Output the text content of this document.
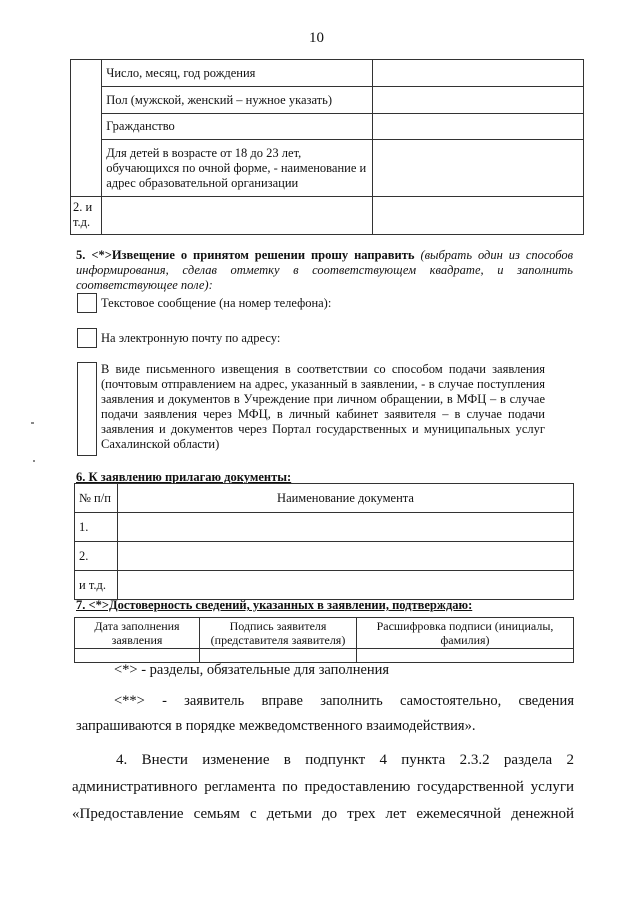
10
	Число, месяц, год рождения	
	Пол (мужской, женский – нужное указать)	
	Гражданство	
	Для детей в возрасте от 18 до 23 лет, обучающихся по очной форме, - наименование и адрес образовательной организации	
2. и т.д.		
5. <*>Извещение о принятом решении прошу направить (выбрать один из способов информирования, сделав отметку в соответствующем квадрате, и заполнить соответствующее поле):
Текстовое сообщение (на номер телефона):
На электронную почту по адресу:
В виде письменного извещения в соответствии со способом подачи заявления (почтовым отправлением на адрес, указанный в заявлении, - в случае поступления заявления и документов в Учреждение при личном обращении, в МФЦ – в случае подачи заявления через МФЦ, в личный кабинет заявителя – в случае подачи заявления и документов через Портал государственных и муниципальных услуг Сахалинской области)
6. К заявлению прилагаю документы:
№ п/п	Наименование документа
1.	
2.	
и т.д.	
7. <*>Достоверность сведений, указанных в заявлении, подтверждаю:
Дата заполнения заявления	Подпись заявителя (представителя заявителя)	Расшифровка подписи (инициалы, фамилия)

<*> - разделы, обязательные для заполнения
<**> - заявитель вправе заполнить самостоятельно, сведения
запрашиваются в порядке межведомственного взаимодействия».
4. Внести изменение в подпункт 4 пункта 2.3.2 раздела 2
административного регламента по предоставлению государственной услуги
«Предоставление семьям с детьми до трех лет ежемесячной денежной
